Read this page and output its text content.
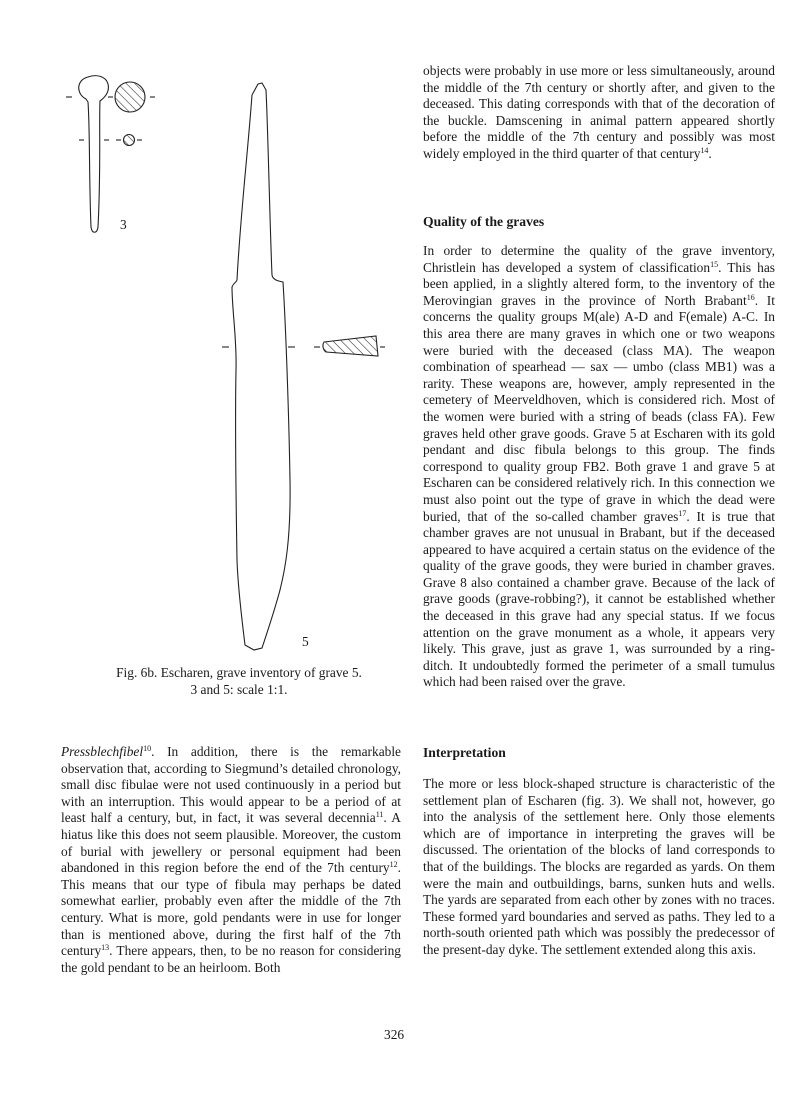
3
5
Fig. 6b. Escharen, grave inventory of grave 5.
3 and 5: scale 1:1.

Pressblechfibel$^{10}$. In addition, there is the remarkable observation that, according to Siegmund’s detailed chronology, small disc fibulae were not used continuously in a period but with an interruption. This would appear to be a period of at least half a century, but, in fact, it was several decennia$^{11}$. A hiatus like this does not seem plausible. Moreover, the custom of burial with jewellery or personal equipment had been abandoned in this region before the end of the 7th century$^{12}$. This means that our type of fibula may perhaps be dated somewhat earlier, probably even after the middle of the 7th century. What is more, gold pendants were in use for longer than is mentioned above, during the first half of the 7th century$^{13}$. There appears, then, to be no reason for considering the gold pendant to be an heirloom. Both

objects were probably in use more or less simultaneously, around the middle of the 7th century or shortly after, and given to the deceased. This dating corresponds with that of the decoration of the buckle. Damscening in animal pattern appeared shortly before the middle of the 7th century and possibly was most widely employed in the third quarter of that century$^{14}$.

Quality of the graves

In order to determine the quality of the grave inventory, Christlein has developed a system of classification$^{15}$. This has been applied, in a slightly altered form, to the inventory of the Merovingian graves in the province of North Brabant$^{16}$. It concerns the quality groups M(ale) A-D and F(emale) A-C. In this area there are many graves in which one or two weapons were buried with the deceased (class MA). The weapon combination of spearhead — sax — umbo (class MB1) was a rarity. These weapons are, however, amply represented in the cemetery of Meerveldhoven, which is considered rich. Most of the women were buried with a string of beads (class FA). Few graves held other grave goods. Grave 5 at Escharen with its gold pendant and disc fibula belongs to this group. The finds correspond to quality group FB2. Both grave 1 and grave 5 at Escharen can be considered relatively rich. In this connection we must also point out the type of grave in which the dead were buried, that of the so-called chamber graves$^{17}$. It is true that chamber graves are not unusual in Brabant, but if the deceased appeared to have acquired a certain status on the evidence of the quality of the grave goods, they were buried in chamber graves. Grave 8 also contained a chamber grave. Because of the lack of grave goods (grave-robbing?), it cannot be established whether the deceased in this grave had any special status. If we focus attention on the grave monument as a whole, it appears very likely. This grave, just as grave 1, was surrounded by a ring-ditch. It undoubtedly formed the perimeter of a small tumulus which had been raised over the grave.

Interpretation

The more or less block-shaped structure is characteristic of the settlement plan of Escharen (fig. 3). We shall not, however, go into the analysis of the settlement here. Only those elements which are of importance in interpreting the graves will be discussed. The orientation of the blocks of land corresponds to that of the buildings. The blocks are regarded as yards. On them were the main and outbuildings, barns, sunken huts and wells. The yards are separated from each other by zones with no traces. These formed yard boundaries and served as paths. They led to a north-south oriented path which was possibly the predecessor of the present-day dyke. The settlement extended along this axis.

326
